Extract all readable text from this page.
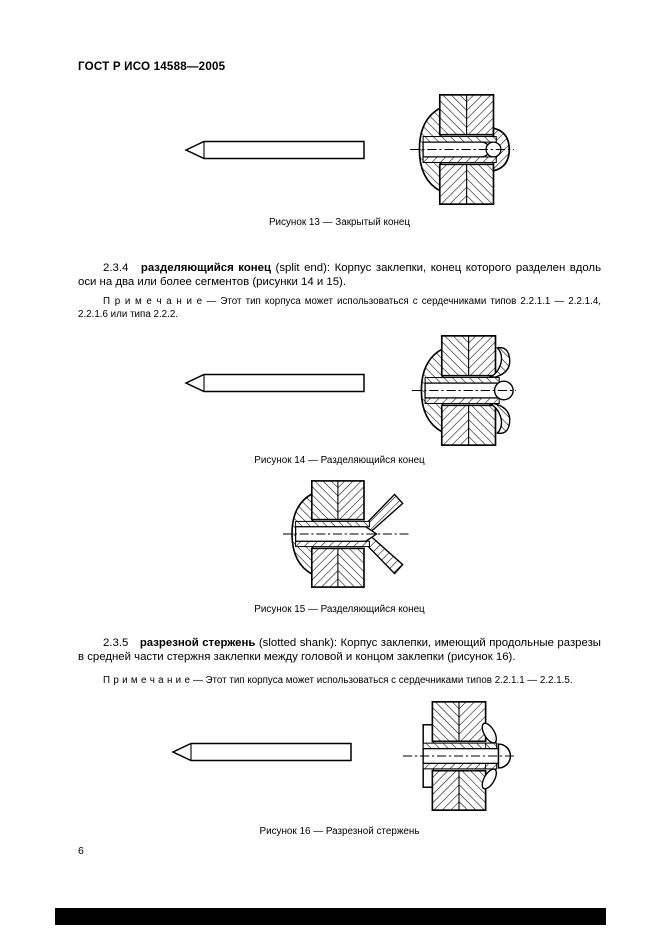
ГОСТ Р ИСО 14588—2005
Рисунок 13 — Закрытый конец
2.3.4 разделяющийся конец (split end): Корпус заклепки, конец которого разделен вдоль оси на два или более сегментов (рисунки 14 и 15).
П р и м е ч а н и е — Этот тип корпуса может использоваться с сердечниками типов 2.2.1.1 — 2.2.1.4, 2.2.1.6 или типа 2.2.2.
Рисунок 14 — Разделяющийся конец
Рисунок 15 — Разделяющийся конец
2.3.5 разрезной стержень (slotted shank): Корпус заклепки, имеющий продольные разрезы в средней части стержня заклепки между головой и концом заклепки (рисунок 16).
П р и м е ч а н и е — Этот тип корпуса может использоваться с сердечниками типов 2.2.1.1 — 2.2.1.5.
Рисунок 16 — Разрезной стержень
6
